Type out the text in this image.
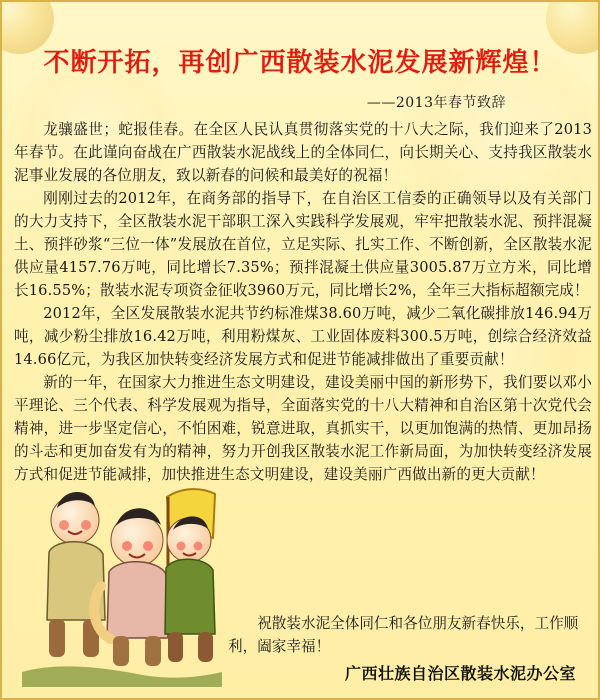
不断开拓，再创广西散装水泥发展新辉煌！
——2013年春节致辞

龙骧盛世；蛇报佳春。在全区人民认真贯彻落实党的十八大之际，我们迎来了2013年春节。在此谨向奋战在广西散装水泥战线上的全体同仁，向长期关心、支持我区散装水泥事业发展的各位朋友，致以新春的问候和最美好的祝福！

刚刚过去的2012年，在商务部的指导下，在自治区工信委的正确领导以及有关部门的大力支持下，全区散装水泥干部职工深入实践科学发展观，牢牢把散装水泥、预拌混凝土、预拌砂浆“三位一体”发展放在首位，立足实际、扎实工作、不断创新，全区散装水泥供应量4157.76万吨，同比增长7.35%；预拌混凝土供应量3005.87万立方米，同比增长16.55%；散装水泥专项资金征收3960万元，同比增长2%，全年三大指标超额完成！

2012年，全区发展散装水泥共节约标准煤38.60万吨，减少二氧化碳排放146.94万吨，减少粉尘排放16.42万吨，利用粉煤灰、工业固体废料300.5万吨，创综合经济效益14.66亿元，为我区加快转变经济发展方式和促进节能减排做出了重要贡献！

新的一年，在国家大力推进生态文明建设，建设美丽中国的新形势下，我们要以邓小平理论、三个代表、科学发展观为指导，全面落实党的十八大精神和自治区第十次党代会精神，进一步坚定信心，不怕困难，锐意进取，真抓实干，以更加饱满的热情、更加昂扬的斗志和更加奋发有为的精神，努力开创我区散装水泥工作新局面，为加快转变经济发展方式和促进节能减排，加快推进生态文明建设，建设美丽广西做出新的更大贡献！

祝散装水泥全体同仁和各位朋友新春快乐，工作顺利，阖家幸福！
广西壮族自治区散装水泥办公室
